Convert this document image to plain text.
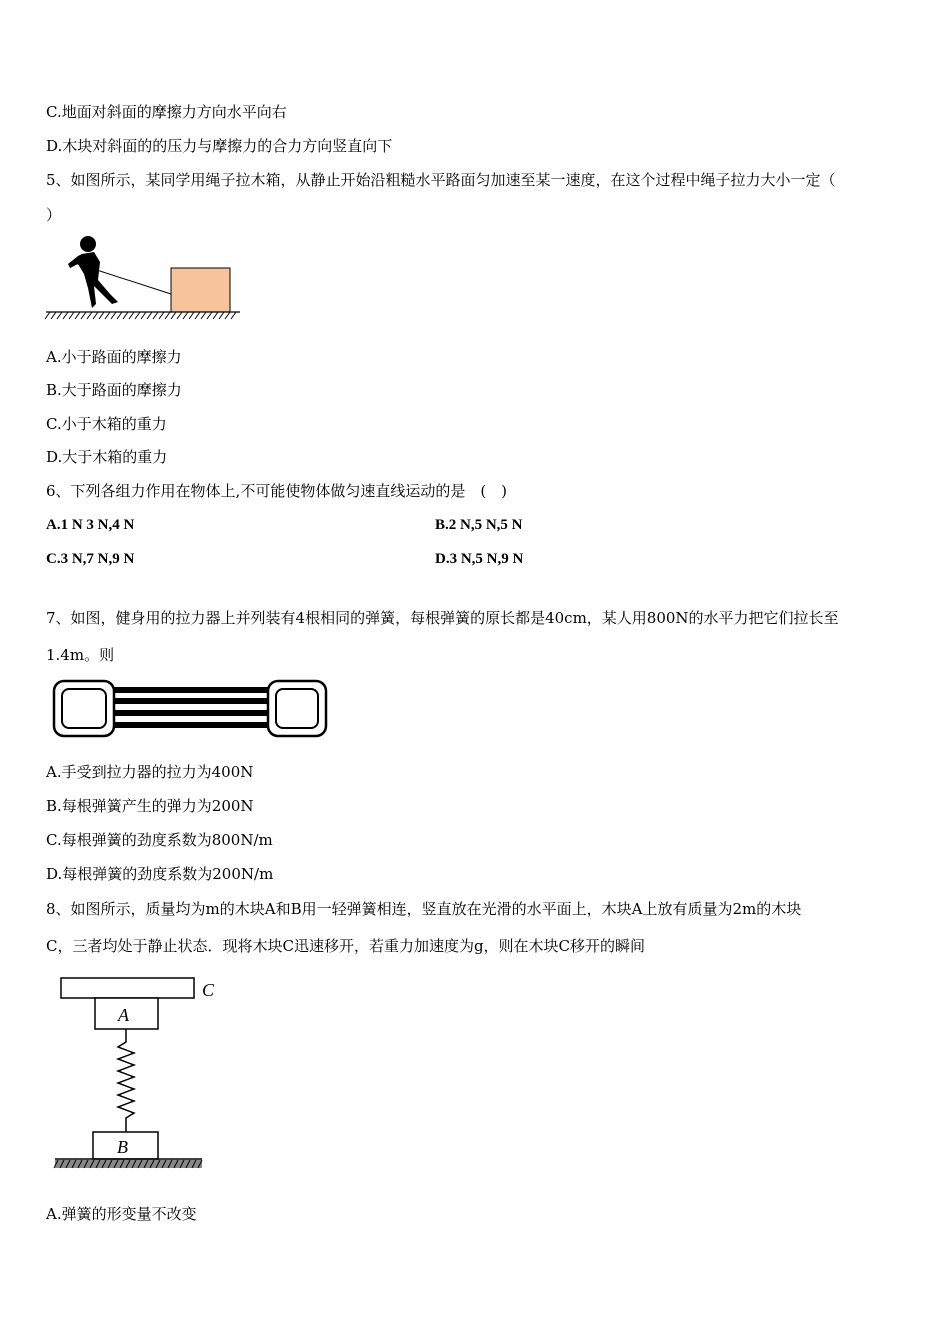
C.地面对斜面的摩擦力方向水平向右
D.木块对斜面的的压力与摩擦力的合力方向竖直向下
5、如图所示，某同学用绳子拉木箱，从静止开始沿粗糙水平路面匀加速至某一速度，在这个过程中绳子拉力大小一定（
）
A.小于路面的摩擦力
B.大于路面的摩擦力
C.小于木箱的重力
D.大于木箱的重力
6、下列各组力作用在物体上,不可能使物体做匀速直线运动的是　(　)
A.1 N 3 N,4 N	B.2 N,5 N,5 N
C.3 N,7 N,9 N	D.3 N,5 N,9 N
7、如图，健身用的拉力器上并列装有4根相同的弹簧，每根弹簧的原长都是40cm，某人用800N的水平力把它们拉长至
1.4m。则
A.手受到拉力器的拉力为400N
B.每根弹簧产生的弹力为200N
C.每根弹簧的劲度系数为800N/m
D.每根弹簧的劲度系数为200N/m
8、如图所示，质量均为m的木块A和B用一轻弹簧相连，竖直放在光滑的水平面上，木块A上放有质量为2m的木块
C，三者均处于静止状态．现将木块C迅速移开，若重力加速度为g，则在木块C移开的瞬间
C
A
B
A.弹簧的形变量不改变
